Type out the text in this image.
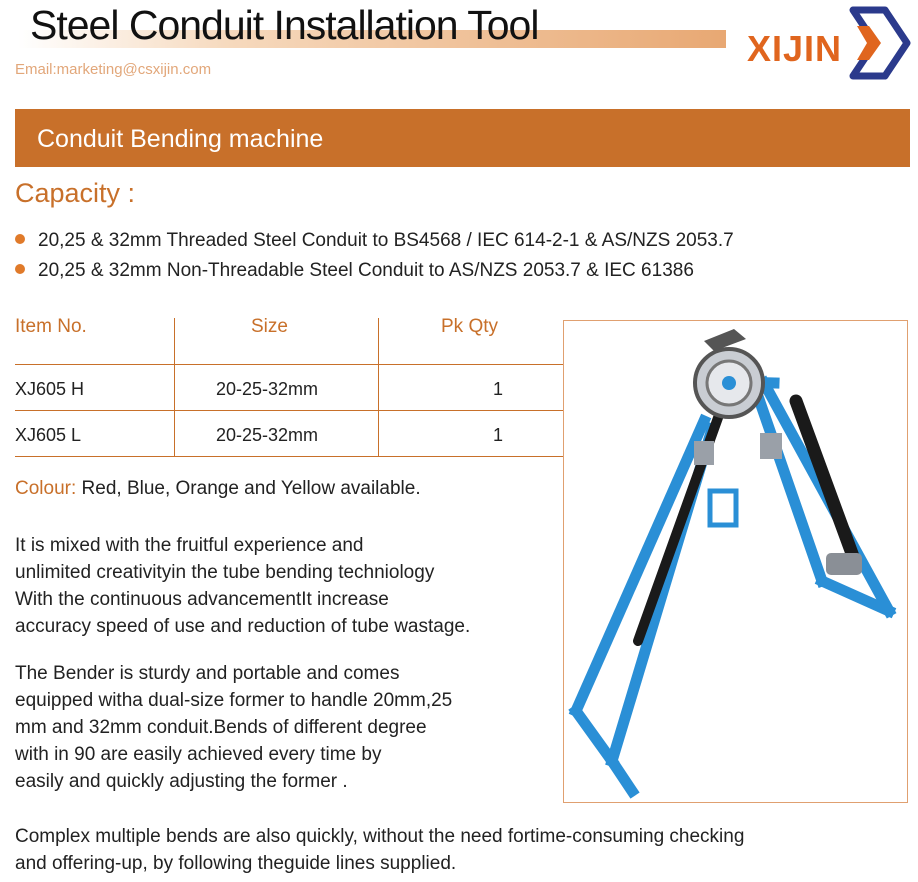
Steel Conduit Installation Tool
Email:marketing@csxijin.com
XIJIN
Conduit Bending machine
Capacity :
20,25 & 32mm Threaded Steel Conduit to BS4568 / IEC 614-2-1 & AS/NZS 2053.7
20,25 & 32mm Non-Threadable Steel Conduit to AS/NZS 2053.7 & IEC 61386
Item No.	Size	Pk Qty
XJ605 H	20-25-32mm	1
XJ605 L	20-25-32mm	1
Colour: Red, Blue, Orange and Yellow available.
It is mixed with the fruitful experience and
unlimited creativityin the tube bending techniology
With the continuous advancementIt increase
accuracy speed of use and reduction of tube wastage.
The Bender is sturdy and portable and comes
equipped witha dual-size former to handle 20mm,25
mm and 32mm conduit.Bends of different degree
with in 90 are easily achieved every time by
easily and quickly adjusting the former .
Complex multiple bends are also quickly, without the need fortime-consuming checking
and offering-up, by following theguide lines supplied.
